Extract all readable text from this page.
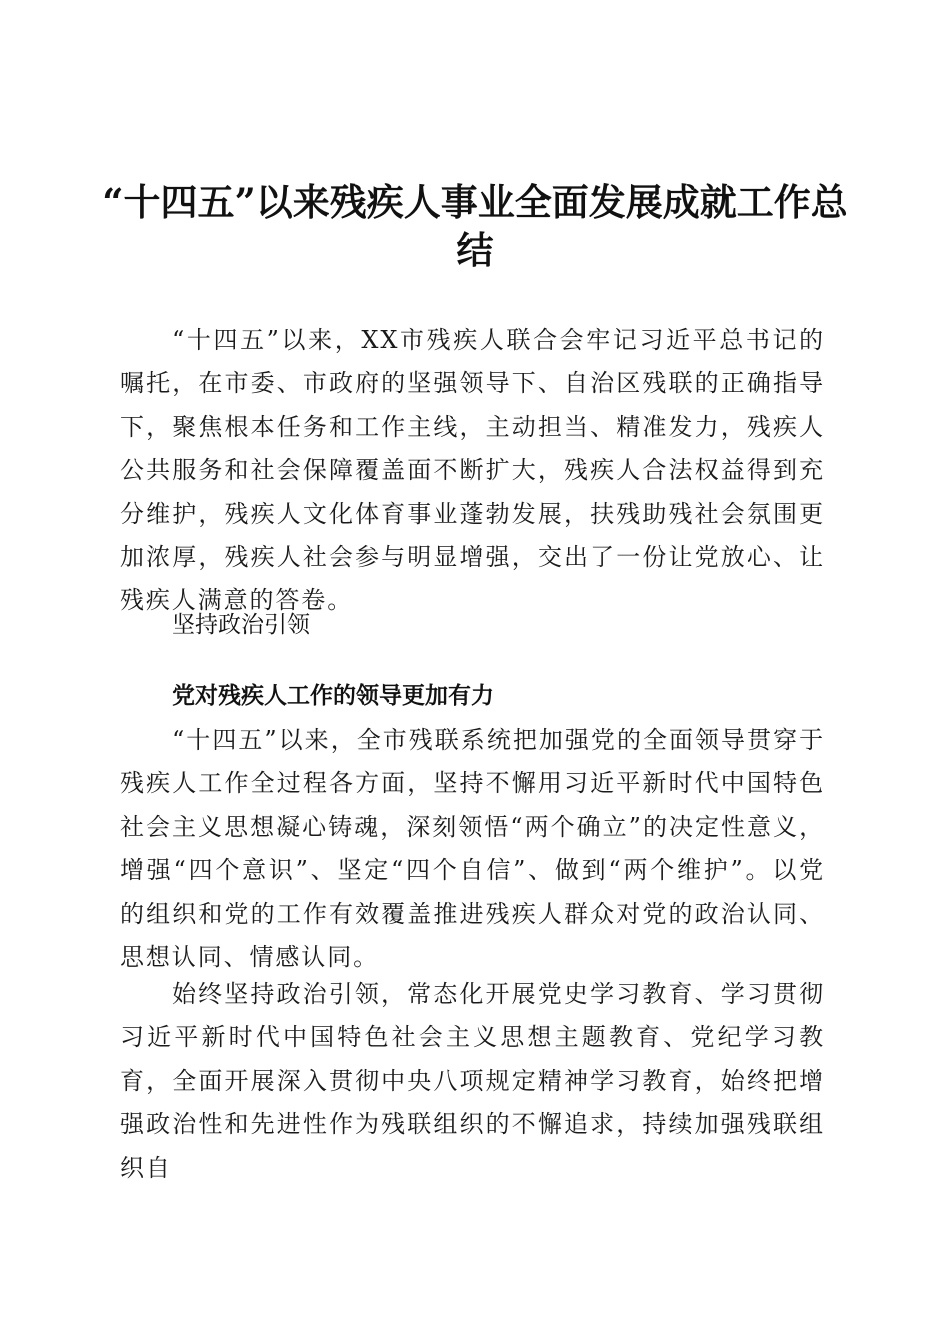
“十四五”以来残疾人事业全面发展成就工作总结

“十四五”以来，XX市残疾人联合会牢记习近平总书记的嘱托，在市委、市政府的坚强领导下、自治区残联的正确指导下，聚焦根本任务和工作主线，主动担当、精准发力，残疾人公共服务和社会保障覆盖面不断扩大，残疾人合法权益得到充分维护，残疾人文化体育事业蓬勃发展，扶残助残社会氛围更加浓厚，残疾人社会参与明显增强，交出了一份让党放心、让残疾人满意的答卷。

坚持政治引领

党对残疾人工作的领导更加有力

“十四五”以来，全市残联系统把加强党的全面领导贯穿于残疾人工作全过程各方面，坚持不懈用习近平新时代中国特色社会主义思想凝心铸魂，深刻领悟“两个确立”的决定性意义，增强“四个意识”、坚定“四个自信”、做到“两个维护”。以党的组织和党的工作有效覆盖推进残疾人群众对党的政治认同、思想认同、情感认同。

始终坚持政治引领，常态化开展党史学习教育、学习贯彻习近平新时代中国特色社会主义思想主题教育、党纪学习教育，全面开展深入贯彻中央八项规定精神学习教育，始终把增强政治性和先进性作为残联组织的不懈追求，持续加强残联组织自
